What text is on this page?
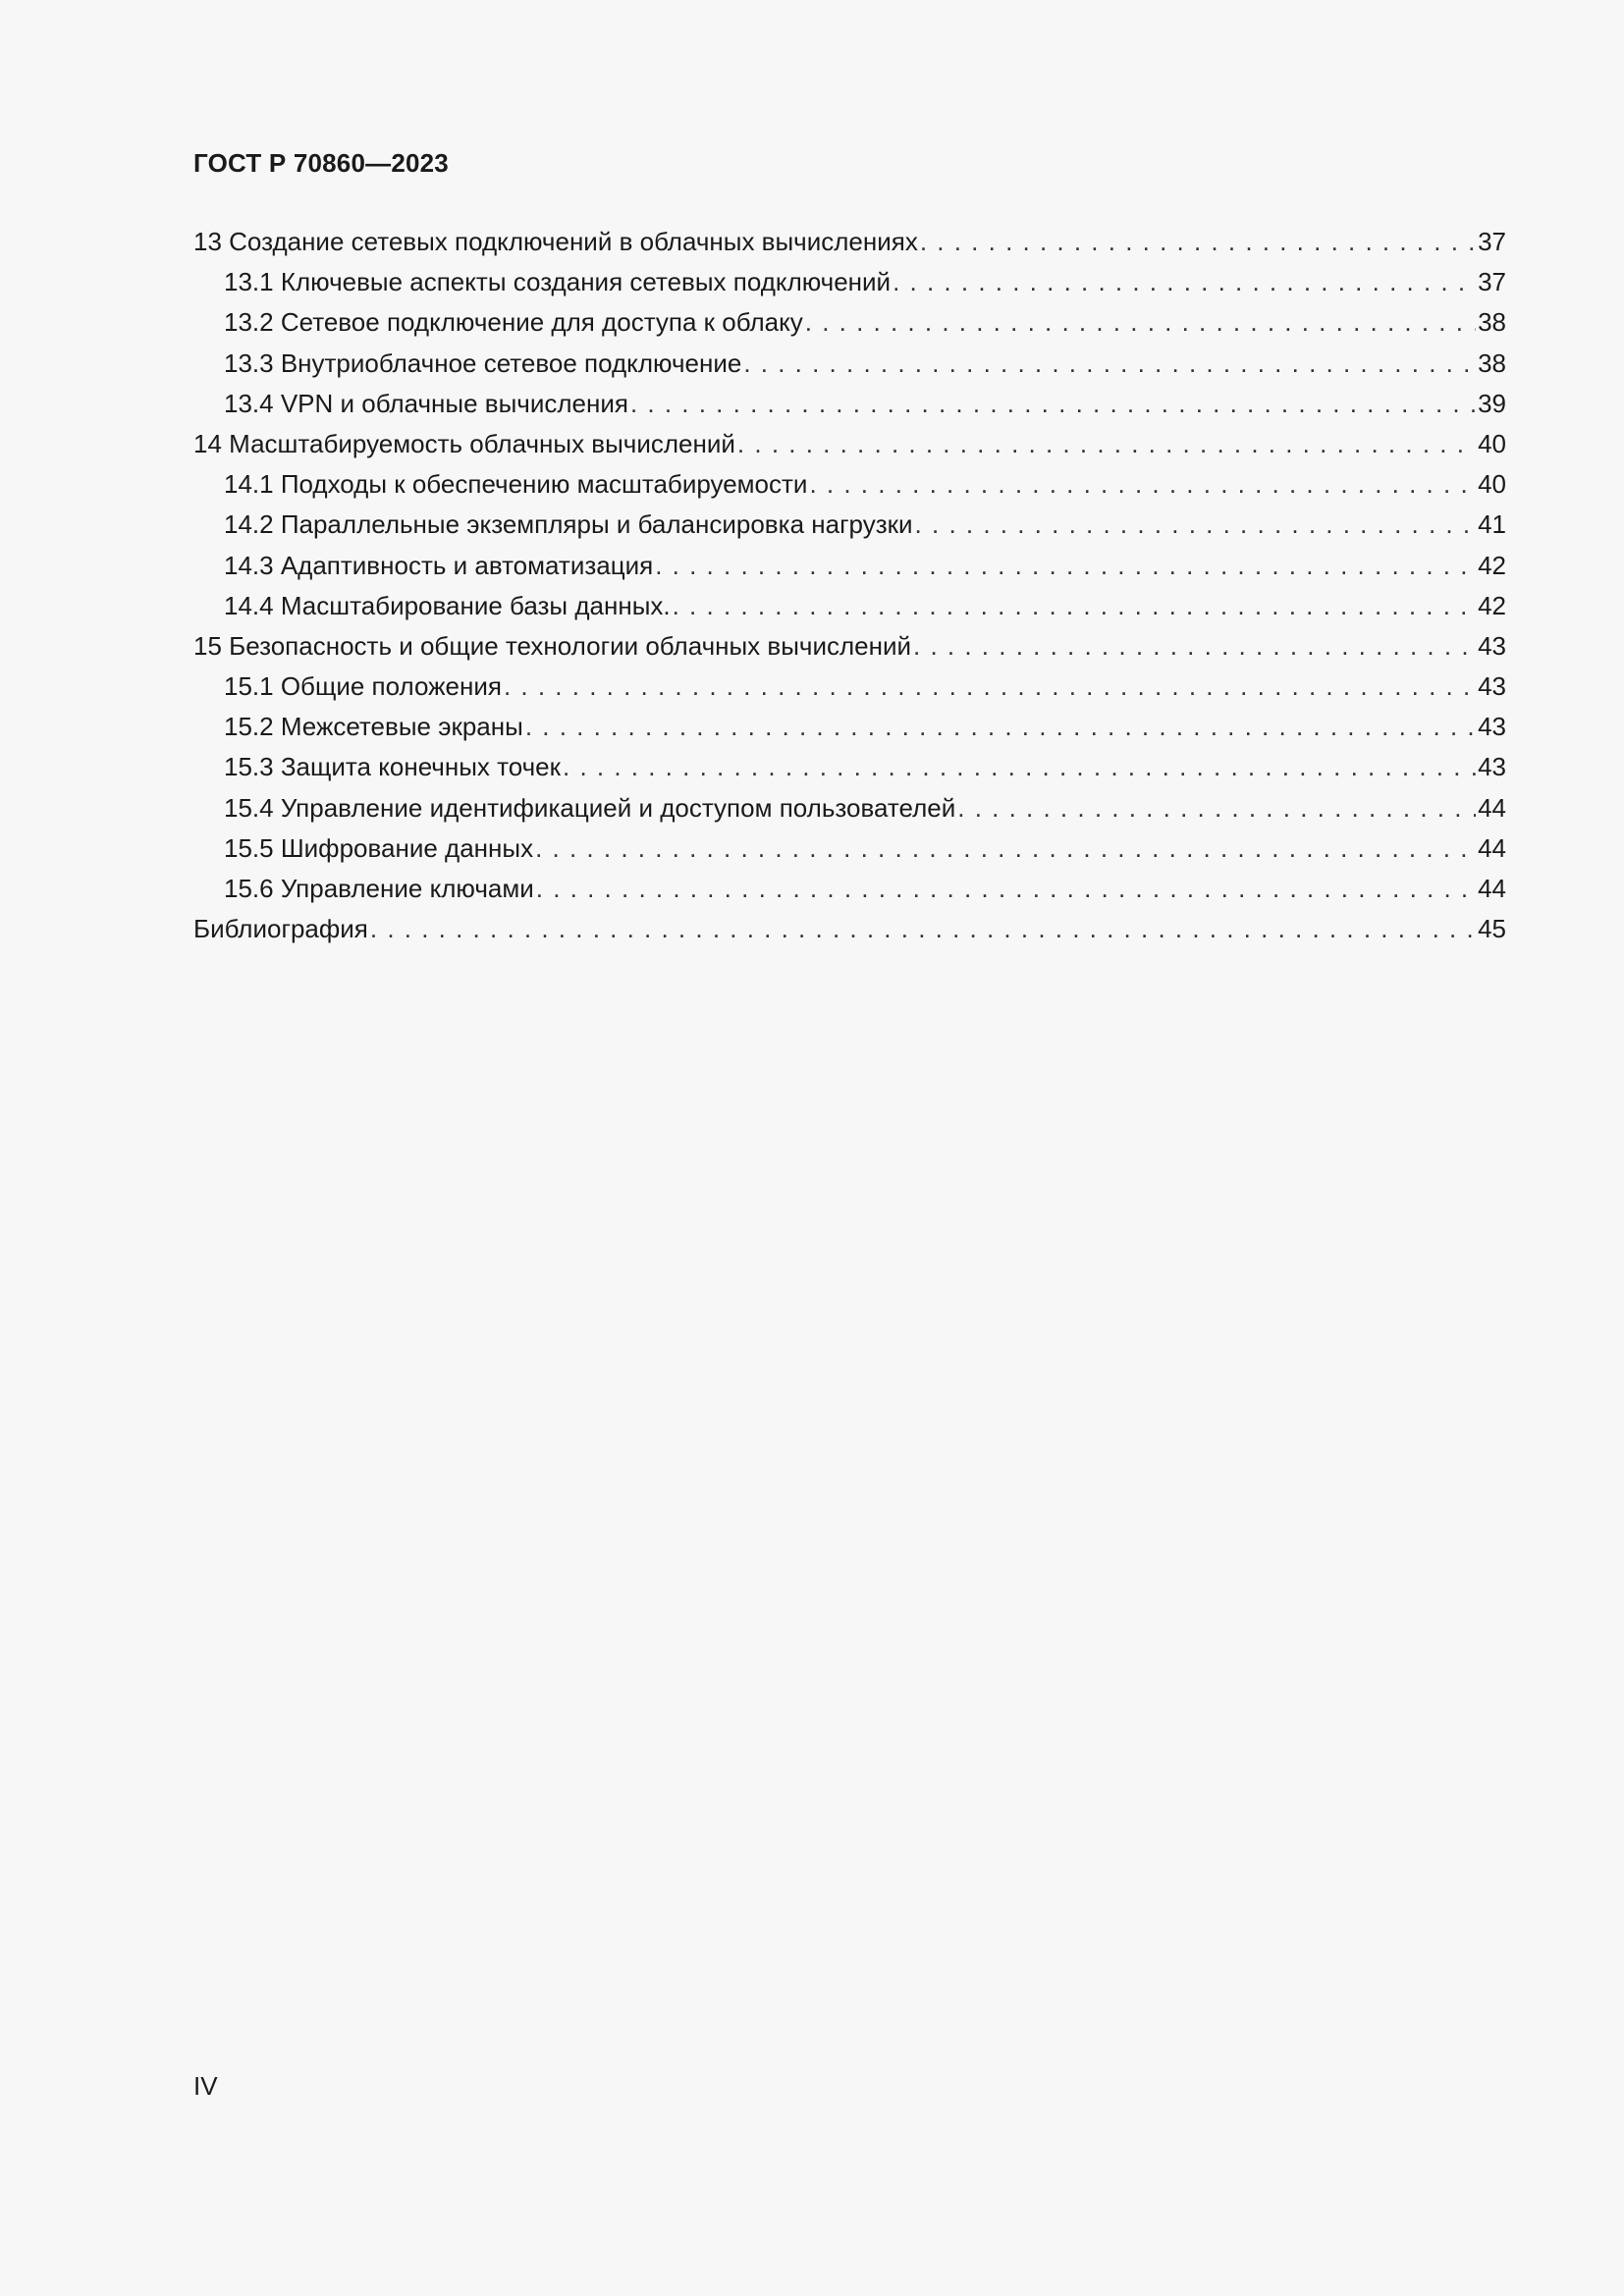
ГОСТ Р 70860—2023
13 Создание сетевых подключений в облачных вычислениях . . .	37
13.1 Ключевые аспекты создания сетевых подключений . . .	37
13.2 Сетевое подключение для доступа к облаку . . .	38
13.3 Внутриоблачное сетевое подключение . . .	38
13.4 VPN и облачные вычисления . . .	39
14 Масштабируемость облачных вычислений . . .	40
14.1 Подходы к обеспечению масштабируемости . . .	40
14.2 Параллельные экземпляры и балансировка нагрузки . . .	41
14.3 Адаптивность и автоматизация . . .	42
14.4 Масштабирование базы данных. . . .	42
15 Безопасность и общие технологии облачных вычислений . . .	43
15.1 Общие положения . . .	43
15.2 Межсетевые экраны . . .	43
15.3 Защита конечных точек . . .	43
15.4 Управление идентификацией и доступом пользователей . . .	44
15.5 Шифрование данных . . .	44
15.6 Управление ключами . . .	44
Библиография . . .	45
IV
